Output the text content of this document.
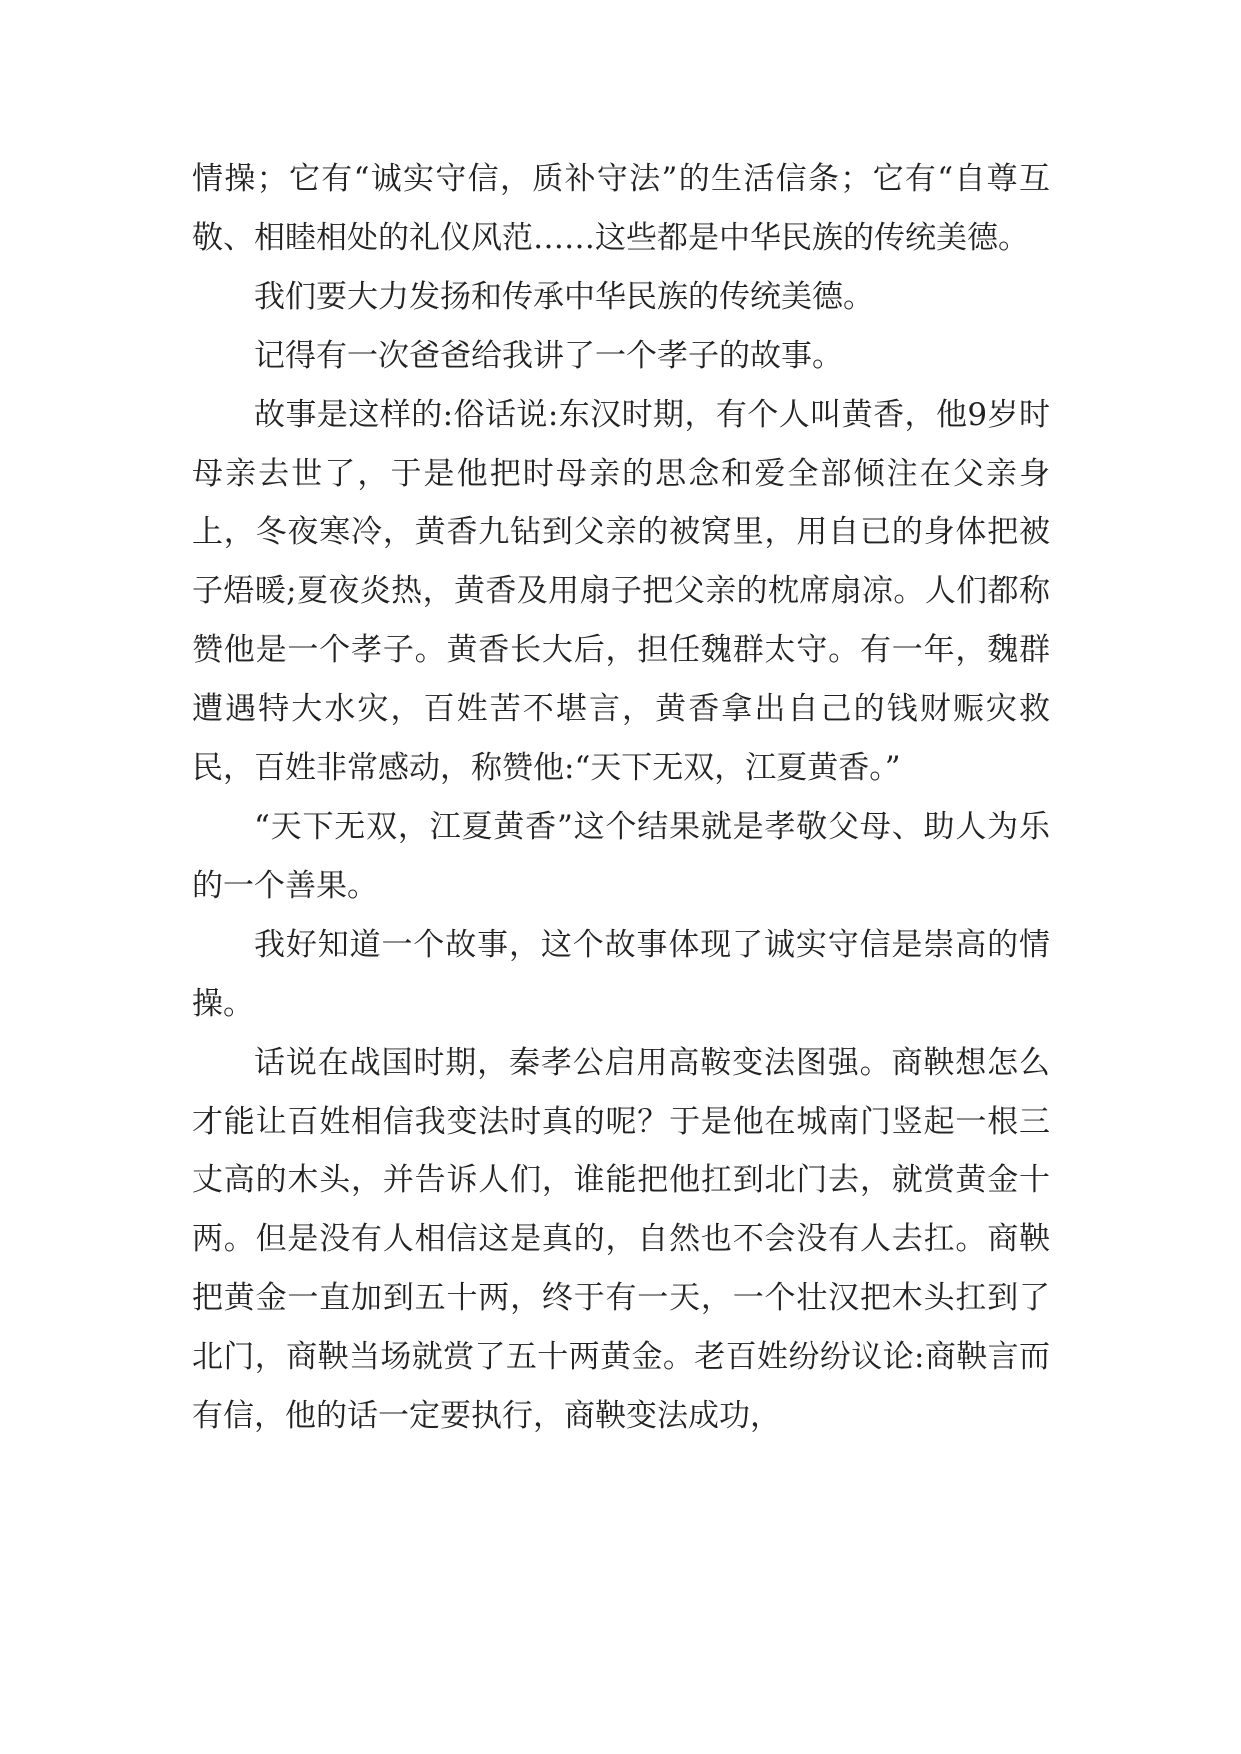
情操；它有“诚实守信，质补守法”的生活信条；它有“自尊互敬、相睦相处的礼仪风范……这些都是中华民族的传统美德。

我们要大力发扬和传承中华民族的传统美德。

记得有一次爸爸给我讲了一个孝子的故事。

故事是这样的:俗话说:东汉时期，有个人叫黄香，他9岁时母亲去世了，于是他把时母亲的思念和爱全部倾注在父亲身上，冬夜寒冷，黄香九钻到父亲的被窝里，用自已的身体把被子焐暖;夏夜炎热，黄香及用扇子把父亲的枕席扇凉。人们都称赞他是一个孝子。黄香长大后，担任魏群太守。有一年，魏群遭遇特大水灾，百姓苦不堪言，黄香拿出自己的钱财赈灾救民，百姓非常感动，称赞他:“天下无双，江夏黄香。”

“天下无双，江夏黄香”这个结果就是孝敬父母、助人为乐的一个善果。

我好知道一个故事，这个故事体现了诚实守信是崇高的情操。

话说在战国时期，秦孝公启用高鞍变法图强。商鞅想怎么才能让百姓相信我变法时真的呢？于是他在城南门竖起一根三丈高的木头，并告诉人们，谁能把他扛到北门去，就赏黄金十两。但是没有人相信这是真的，自然也不会没有人去扛。商鞅把黄金一直加到五十两，终于有一天，一个壮汉把木头扛到了北门，商鞅当场就赏了五十两黄金。老百姓纷纷议论:商鞅言而有信，他的话一定要执行，商鞅变法成功，
